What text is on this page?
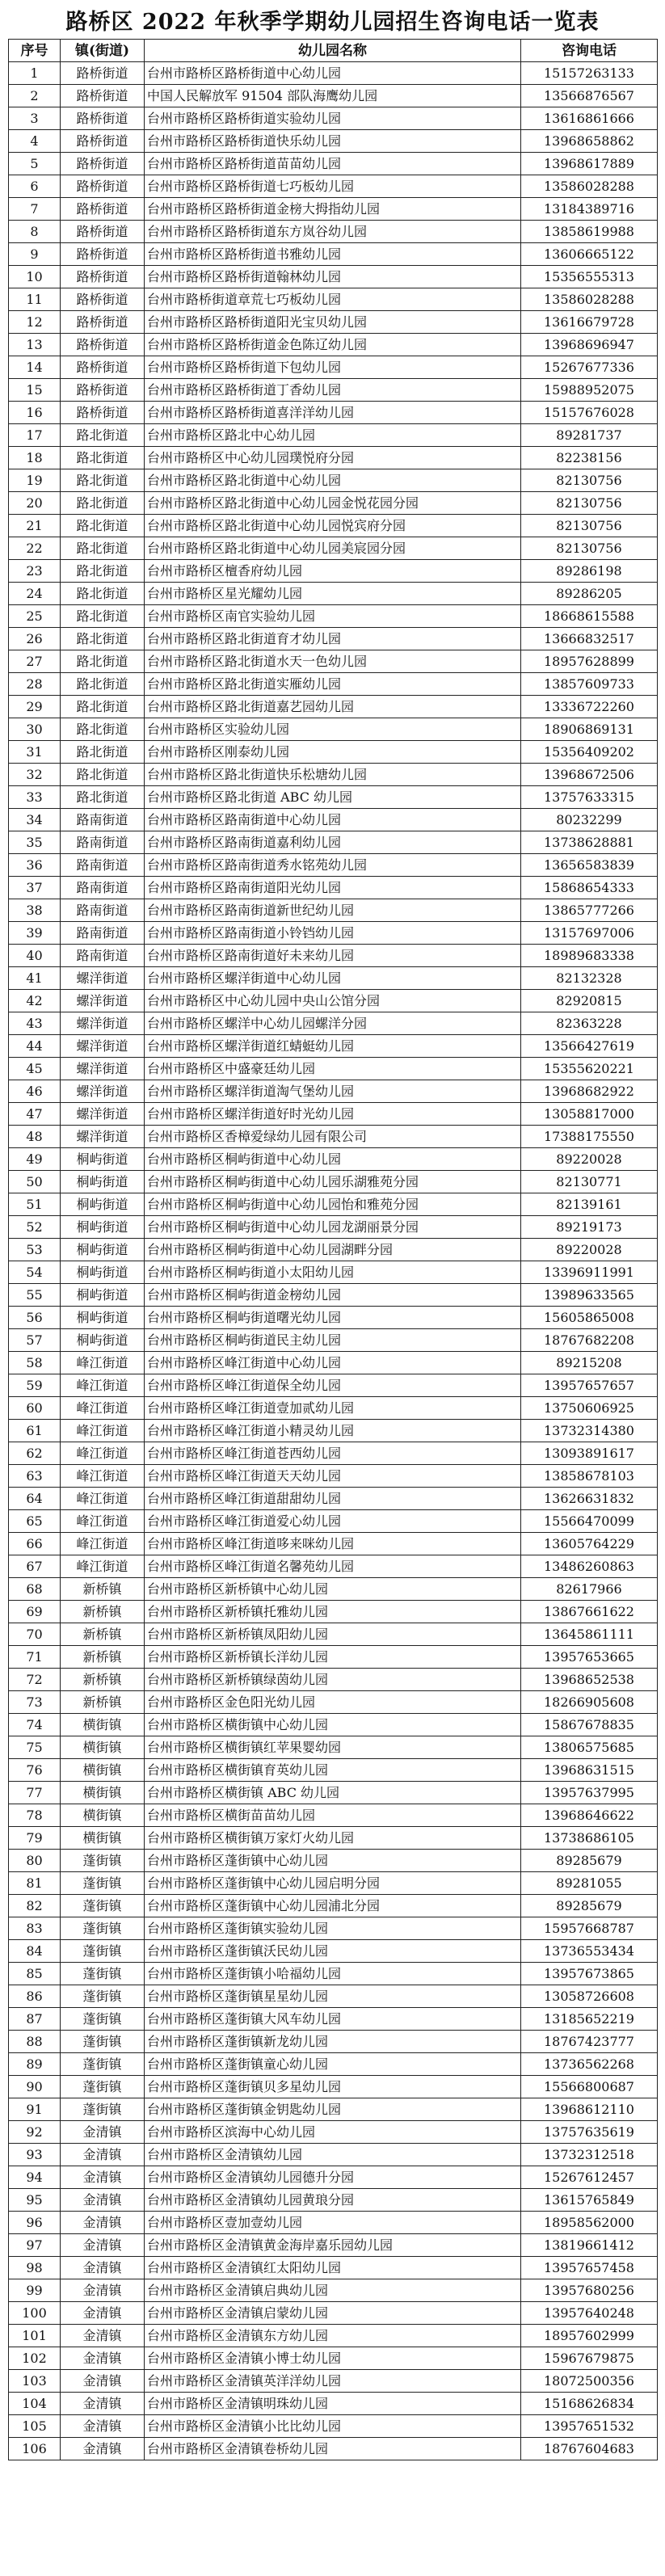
路桥区 2022 年秋季学期幼儿园招生咨询电话一览表
序号	镇(街道)	幼儿园名称	咨询电话
1	路桥街道	台州市路桥区路桥街道中心幼儿园	15157263133
2	路桥街道	中国人民解放军 91504 部队海鹰幼儿园	13566876567
3	路桥街道	台州市路桥区路桥街道实验幼儿园	13616861666
4	路桥街道	台州市路桥区路桥街道快乐幼儿园	13968658862
5	路桥街道	台州市路桥区路桥街道苗苗幼儿园	13968617889
6	路桥街道	台州市路桥区路桥街道七巧板幼儿园	13586028288
7	路桥街道	台州市路桥区路桥街道金榜大拇指幼儿园	13184389716
8	路桥街道	台州市路桥区路桥街道东方岚谷幼儿园	13858619988
9	路桥街道	台州市路桥区路桥街道书雅幼儿园	13606665122
10	路桥街道	台州市路桥区路桥街道翰林幼儿园	15356555313
11	路桥街道	台州市路桥街道章荒七巧板幼儿园	13586028288
12	路桥街道	台州市路桥区路桥街道阳光宝贝幼儿园	13616679728
13	路桥街道	台州市路桥区路桥街道金色陈辽幼儿园	13968696947
14	路桥街道	台州市路桥区路桥街道下包幼儿园	15267677336
15	路桥街道	台州市路桥区路桥街道丁香幼儿园	15988952075
16	路桥街道	台州市路桥区路桥街道喜洋洋幼儿园	15157676028
17	路北街道	台州市路桥区路北中心幼儿园	89281737
18	路北街道	台州市路桥区中心幼儿园璞悦府分园	82238156
19	路北街道	台州市路桥区路北街道中心幼儿园	82130756
20	路北街道	台州市路桥区路北街道中心幼儿园金悦花园分园	82130756
21	路北街道	台州市路桥区路北街道中心幼儿园悦宾府分园	82130756
22	路北街道	台州市路桥区路北街道中心幼儿园美宸园分园	82130756
23	路北街道	台州市路桥区檀香府幼儿园	89286198
24	路北街道	台州市路桥区星光耀幼儿园	89286205
25	路北街道	台州市路桥区南官实验幼儿园	18668615588
26	路北街道	台州市路桥区路北街道育才幼儿园	13666832517
27	路北街道	台州市路桥区路北街道水天一色幼儿园	18957628899
28	路北街道	台州市路桥区路北街道实雁幼儿园	13857609733
29	路北街道	台州市路桥区路北街道嘉艺园幼儿园	13336722260
30	路北街道	台州市路桥区实验幼儿园	18906869131
31	路北街道	台州市路桥区刚泰幼儿园	15356409202
32	路北街道	台州市路桥区路北街道快乐松塘幼儿园	13968672506
33	路北街道	台州市路桥区路北街道 ABC 幼儿园	13757633315
34	路南街道	台州市路桥区路南街道中心幼儿园	80232299
35	路南街道	台州市路桥区路南街道嘉利幼儿园	13738628881
36	路南街道	台州市路桥区路南街道秀水铭苑幼儿园	13656583839
37	路南街道	台州市路桥区路南街道阳光幼儿园	15868654333
38	路南街道	台州市路桥区路南街道新世纪幼儿园	13865777266
39	路南街道	台州市路桥区路南街道小铃铛幼儿园	13157697006
40	路南街道	台州市路桥区路南街道好未来幼儿园	18989683338
41	螺洋街道	台州市路桥区螺洋街道中心幼儿园	82132328
42	螺洋街道	台州市路桥区中心幼儿园中央山公馆分园	82920815
43	螺洋街道	台州市路桥区螺洋中心幼儿园螺洋分园	82363228
44	螺洋街道	台州市路桥区螺洋街道红蜻蜓幼儿园	13566427619
45	螺洋街道	台州市路桥区中盛豪廷幼儿园	15355620221
46	螺洋街道	台州市路桥区螺洋街道淘气堡幼儿园	13968682922
47	螺洋街道	台州市路桥区螺洋街道好时光幼儿园	13058817000
48	螺洋街道	台州市路桥区香樟爱绿幼儿园有限公司	17388175550
49	桐屿街道	台州市路桥区桐屿街道中心幼儿园	89220028
50	桐屿街道	台州市路桥区桐屿街道中心幼儿园乐湖雅苑分园	82130771
51	桐屿街道	台州市路桥区桐屿街道中心幼儿园怡和雅苑分园	82139161
52	桐屿街道	台州市路桥区桐屿街道中心幼儿园龙湖丽景分园	89219173
53	桐屿街道	台州市路桥区桐屿街道中心幼儿园湖畔分园	89220028
54	桐屿街道	台州市路桥区桐屿街道小太阳幼儿园	13396911991
55	桐屿街道	台州市路桥区桐屿街道金榜幼儿园	13989633565
56	桐屿街道	台州市路桥区桐屿街道曙光幼儿园	15605865008
57	桐屿街道	台州市路桥区桐屿街道民主幼儿园	18767682208
58	峰江街道	台州市路桥区峰江街道中心幼儿园	89215208
59	峰江街道	台州市路桥区峰江街道保全幼儿园	13957657657
60	峰江街道	台州市路桥区峰江街道壹加贰幼儿园	13750606925
61	峰江街道	台州市路桥区峰江街道小精灵幼儿园	13732314380
62	峰江街道	台州市路桥区峰江街道苍西幼儿园	13093891617
63	峰江街道	台州市路桥区峰江街道天天幼儿园	13858678103
64	峰江街道	台州市路桥区峰江街道甜甜幼儿园	13626631832
65	峰江街道	台州市路桥区峰江街道爱心幼儿园	15566470099
66	峰江街道	台州市路桥区峰江街道哆来咪幼儿园	13605764229
67	峰江街道	台州市路桥区峰江街道名馨苑幼儿园	13486260863
68	新桥镇	台州市路桥区新桥镇中心幼儿园	82617966
69	新桥镇	台州市路桥区新桥镇托雅幼儿园	13867661622
70	新桥镇	台州市路桥区新桥镇凤阳幼儿园	13645861111
71	新桥镇	台州市路桥区新桥镇长洋幼儿园	13957653665
72	新桥镇	台州市路桥区新桥镇绿茵幼儿园	13968652538
73	新桥镇	台州市路桥区金色阳光幼儿园	18266905608
74	横街镇	台州市路桥区横街镇中心幼儿园	15867678835
75	横街镇	台州市路桥区横街镇红苹果婴幼园	13806575685
76	横街镇	台州市路桥区横街镇育英幼儿园	13968631515
77	横街镇	台州市路桥区横街镇 ABC 幼儿园	13957637995
78	横街镇	台州市路桥区横街苗苗幼儿园	13968646622
79	横街镇	台州市路桥区横街镇万家灯火幼儿园	13738686105
80	蓬街镇	台州市路桥区蓬街镇中心幼儿园	89285679
81	蓬街镇	台州市路桥区蓬街镇中心幼儿园启明分园	89281055
82	蓬街镇	台州市路桥区蓬街镇中心幼儿园浦北分园	89285679
83	蓬街镇	台州市路桥区蓬街镇实验幼儿园	15957668787
84	蓬街镇	台州市路桥区蓬街镇沃民幼儿园	13736553434
85	蓬街镇	台州市路桥区蓬街镇小哈福幼儿园	13957673865
86	蓬街镇	台州市路桥区蓬街镇星星幼儿园	13058726608
87	蓬街镇	台州市路桥区蓬街镇大风车幼儿园	13185652219
88	蓬街镇	台州市路桥区蓬街镇新龙幼儿园	18767423777
89	蓬街镇	台州市路桥区蓬街镇童心幼儿园	13736562268
90	蓬街镇	台州市路桥区蓬街镇贝多星幼儿园	15566800687
91	蓬街镇	台州市路桥区蓬街镇金钥匙幼儿园	13968612110
92	金清镇	台州市路桥区滨海中心幼儿园	13757635619
93	金清镇	台州市路桥区金清镇幼儿园	13732312518
94	金清镇	台州市路桥区金清镇幼儿园德升分园	15267612457
95	金清镇	台州市路桥区金清镇幼儿园黄琅分园	13615765849
96	金清镇	台州市路桥区壹加壹幼儿园	18958562000
97	金清镇	台州市路桥区金清镇黄金海岸嘉乐园幼儿园	13819661412
98	金清镇	台州市路桥区金清镇红太阳幼儿园	13957657458
99	金清镇	台州市路桥区金清镇启典幼儿园	13957680256
100	金清镇	台州市路桥区金清镇启蒙幼儿园	13957640248
101	金清镇	台州市路桥区金清镇东方幼儿园	18957602999
102	金清镇	台州市路桥区金清镇小博士幼儿园	15967679875
103	金清镇	台州市路桥区金清镇英洋洋幼儿园	18072500356
104	金清镇	台州市路桥区金清镇明珠幼儿园	15168626834
105	金清镇	台州市路桥区金清镇小比比幼儿园	13957651532
106	金清镇	台州市路桥区金清镇卷桥幼儿园	18767604683
